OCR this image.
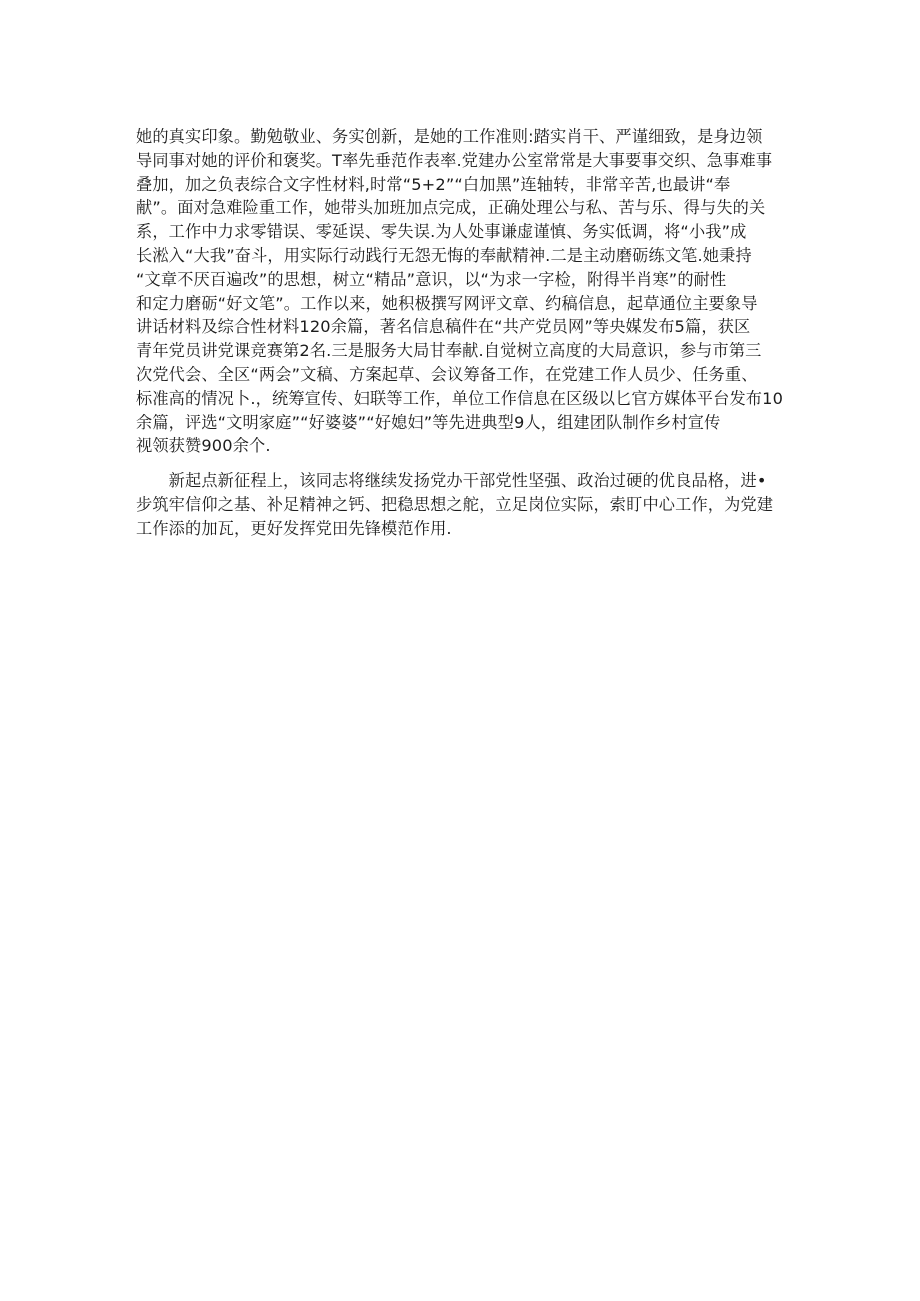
她的真实印象。勤勉敬业、务实创新，是她的工作准则:踏实肖干、严谨细致，是身边领
导同事对她的评价和褒奖。T率先垂范作表率.党建办公室常常是大事要事交织、急事难事
叠加，加之负表综合文字性材料,时常“5+2”“白加黑”连轴转，非常辛苦,也最讲“奉
献”。面对急难险重工作，她带头加班加点完成，正确处理公与私、苦与乐、得与失的关
系，工作中力求零错误、零延误、零失误.为人处事谦虚谨慎、务实低调，将“小我”成
长淞入“大我”奋斗，用实际行动践行无怨无悔的奉献精神.二是主动磨砺练文笔.她秉持
“文章不厌百遍改”的思想，树立“精品”意识，以“为求一字检，附得半肖寒”的耐性
和定力磨砺“好文笔”。工作以来，她积极撰写网评文章、约稿信息，起草通位主要象导
讲话材料及综合性材料120余篇，著名信息稿件在“共产党员网”等央媒发布5篇，获区
青年党员讲党课竞赛第2名.三是服务大局甘奉献.自觉树立高度的大局意识，参与市第三
次党代会、全区“两会”文稿、方案起草、会议筹备工作，在党建工作人员少、任务重、
标准高的情况卜.，统筹宣传、妇联等工作，单位工作信息在区级以匕官方媒体平台发布10
余篇，评选“文明家庭”“好婆婆”“好媳妇”等先进典型9人，组建团队制作乡村宣传
视领获赞900余个.
　　新起点新征程上，该同志将继续发扬党办干部党性坚强、政治过硬的优良品格，进•
步筑牢信仰之基、补足精神之钙、把稳思想之舵，立足岗位实际，索盯中心工作，为党建
工作添的加瓦，更好发挥党田先锋模范作用.
